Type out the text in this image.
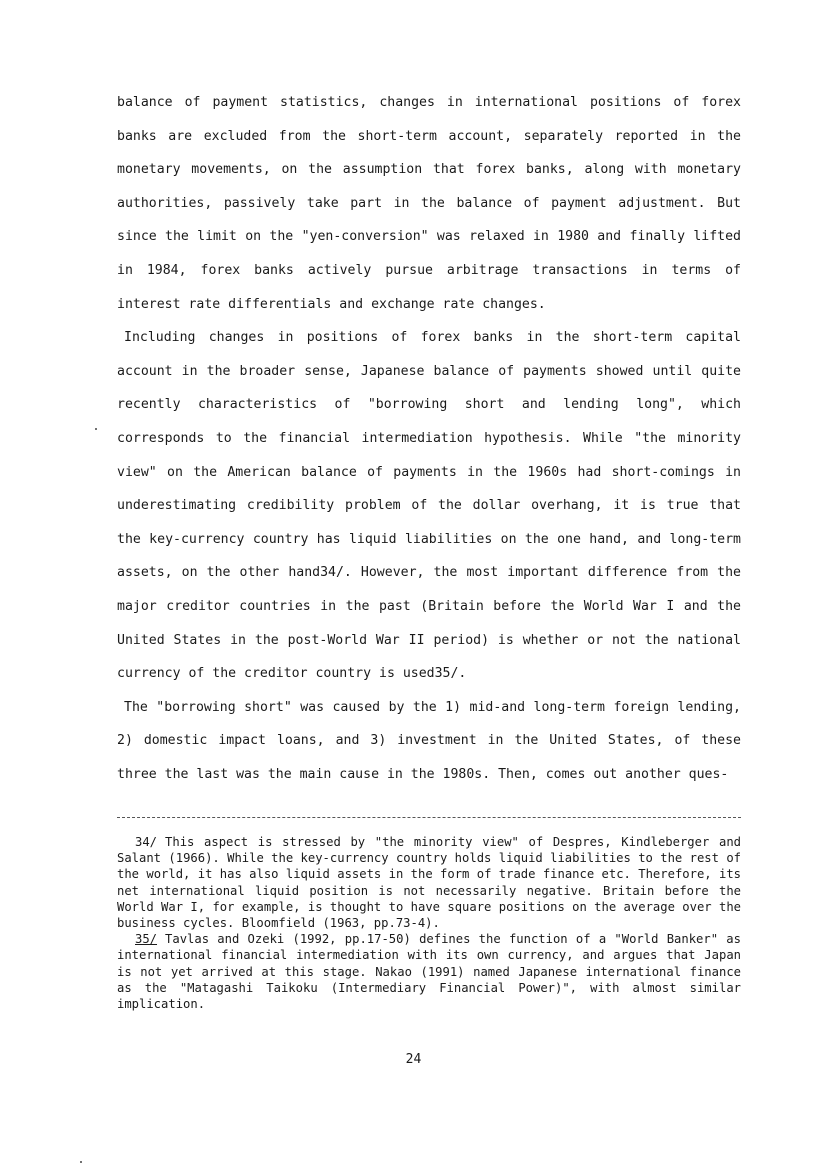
balance of payment statistics, changes in international positions of forex banks are excluded from the short-term account, separately reported in the monetary movements, on the assumption that forex banks, along with monetary authorities, passively take part in the balance of payment adjustment. But since the limit on the "yen-conversion" was relaxed in 1980 and finally lifted in 1984, forex banks actively pursue arbitrage transactions in terms of interest rate differentials and exchange rate changes.

Including changes in positions of forex banks in the short-term capital account in the broader sense, Japanese balance of payments showed until quite recently characteristics of "borrowing short and lending long", which corresponds to the financial intermediation hypothesis. While "the minority view" on the American balance of payments in the 1960s had short-comings in underestimating credibility problem of the dollar overhang, it is true that the key-currency country has liquid liabilities on the one hand, and long-term assets, on the other hand34/. However, the most important difference from the major creditor countries in the past (Britain before the World War I and the United States in the post-World War II period) is whether or not the national currency of the creditor country is used35/.

The "borrowing short" was caused by the 1) mid-and long-term foreign lending, 2) domestic impact loans, and 3) investment in the United States, of these three the last was the main cause in the 1980s. Then, comes out another ques-

34/ This aspect is stressed by "the minority view" of Despres, Kindleberger and Salant (1966). While the key-currency country holds liquid liabilities to the rest of the world, it has also liquid assets in the form of trade finance etc. Therefore, its net international liquid position is not necessarily negative. Britain before the World War I, for example, is thought to have square positions on the average over the business cycles. Bloomfield (1963, pp.73-4).

35/ Tavlas and Ozeki (1992, pp.17-50) defines the function of a "World Banker" as international financial intermediation with its own currency, and argues that Japan is not yet arrived at this stage. Nakao (1991) named Japanese international finance as the "Matagashi Taikoku (Intermediary Financial Power)", with almost similar implication.

24
